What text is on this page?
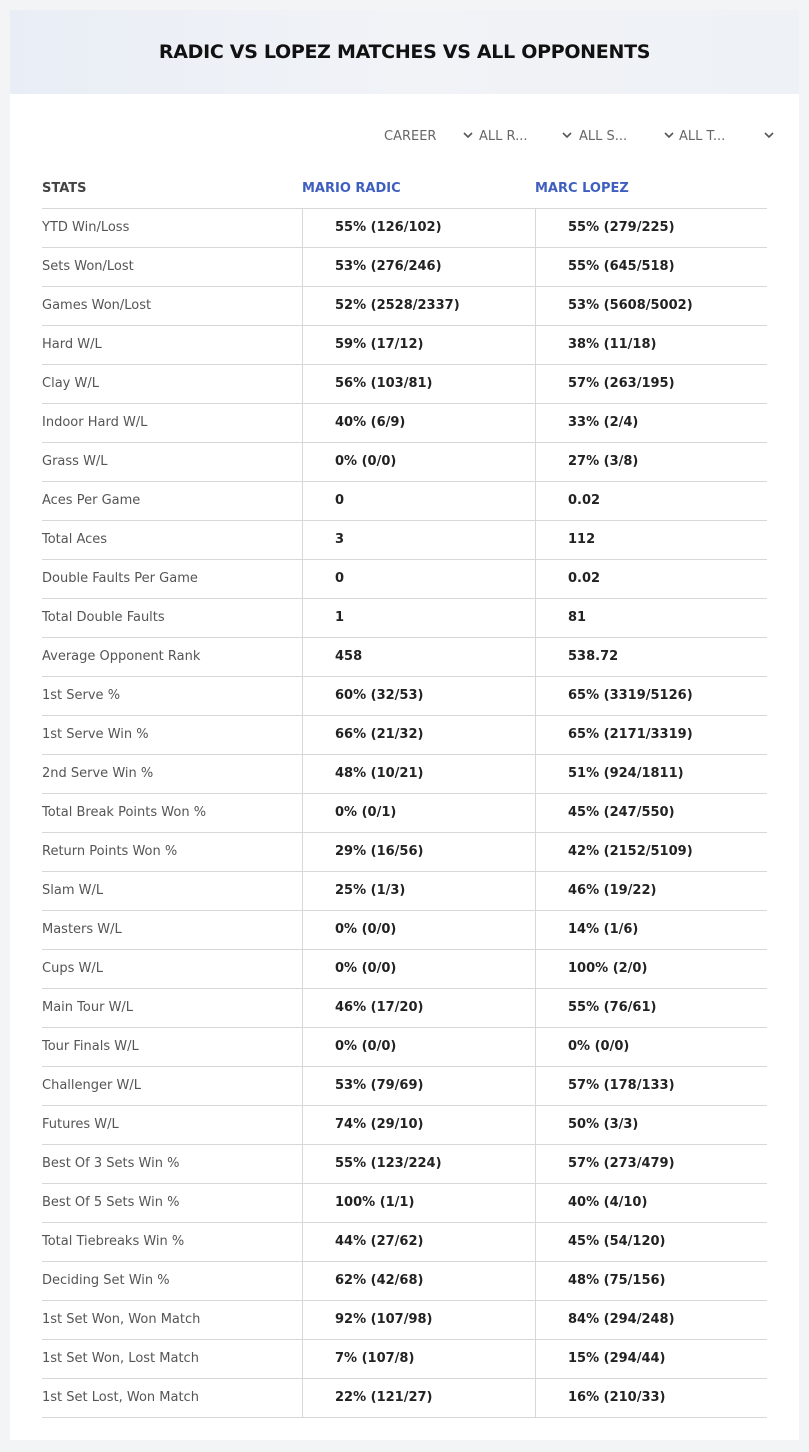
RADIC VS LOPEZ MATCHES VS ALL OPPONENTS
CAREER	ALL R...	ALL S...	ALL T...
STATS	MARIO RADIC	MARC LOPEZ
YTD Win/Loss	55% (126/102)	55% (279/225)
Sets Won/Lost	53% (276/246)	55% (645/518)
Games Won/Lost	52% (2528/2337)	53% (5608/5002)
Hard W/L	59% (17/12)	38% (11/18)
Clay W/L	56% (103/81)	57% (263/195)
Indoor Hard W/L	40% (6/9)	33% (2/4)
Grass W/L	0% (0/0)	27% (3/8)
Aces Per Game	0	0.02
Total Aces	3	112
Double Faults Per Game	0	0.02
Total Double Faults	1	81
Average Opponent Rank	458	538.72
1st Serve %	60% (32/53)	65% (3319/5126)
1st Serve Win %	66% (21/32)	65% (2171/3319)
2nd Serve Win %	48% (10/21)	51% (924/1811)
Total Break Points Won %	0% (0/1)	45% (247/550)
Return Points Won %	29% (16/56)	42% (2152/5109)
Slam W/L	25% (1/3)	46% (19/22)
Masters W/L	0% (0/0)	14% (1/6)
Cups W/L	0% (0/0)	100% (2/0)
Main Tour W/L	46% (17/20)	55% (76/61)
Tour Finals W/L	0% (0/0)	0% (0/0)
Challenger W/L	53% (79/69)	57% (178/133)
Futures W/L	74% (29/10)	50% (3/3)
Best Of 3 Sets Win %	55% (123/224)	57% (273/479)
Best Of 5 Sets Win %	100% (1/1)	40% (4/10)
Total Tiebreaks Win %	44% (27/62)	45% (54/120)
Deciding Set Win %	62% (42/68)	48% (75/156)
1st Set Won, Won Match	92% (107/98)	84% (294/248)
1st Set Won, Lost Match	7% (107/8)	15% (294/44)
1st Set Lost, Won Match	22% (121/27)	16% (210/33)
